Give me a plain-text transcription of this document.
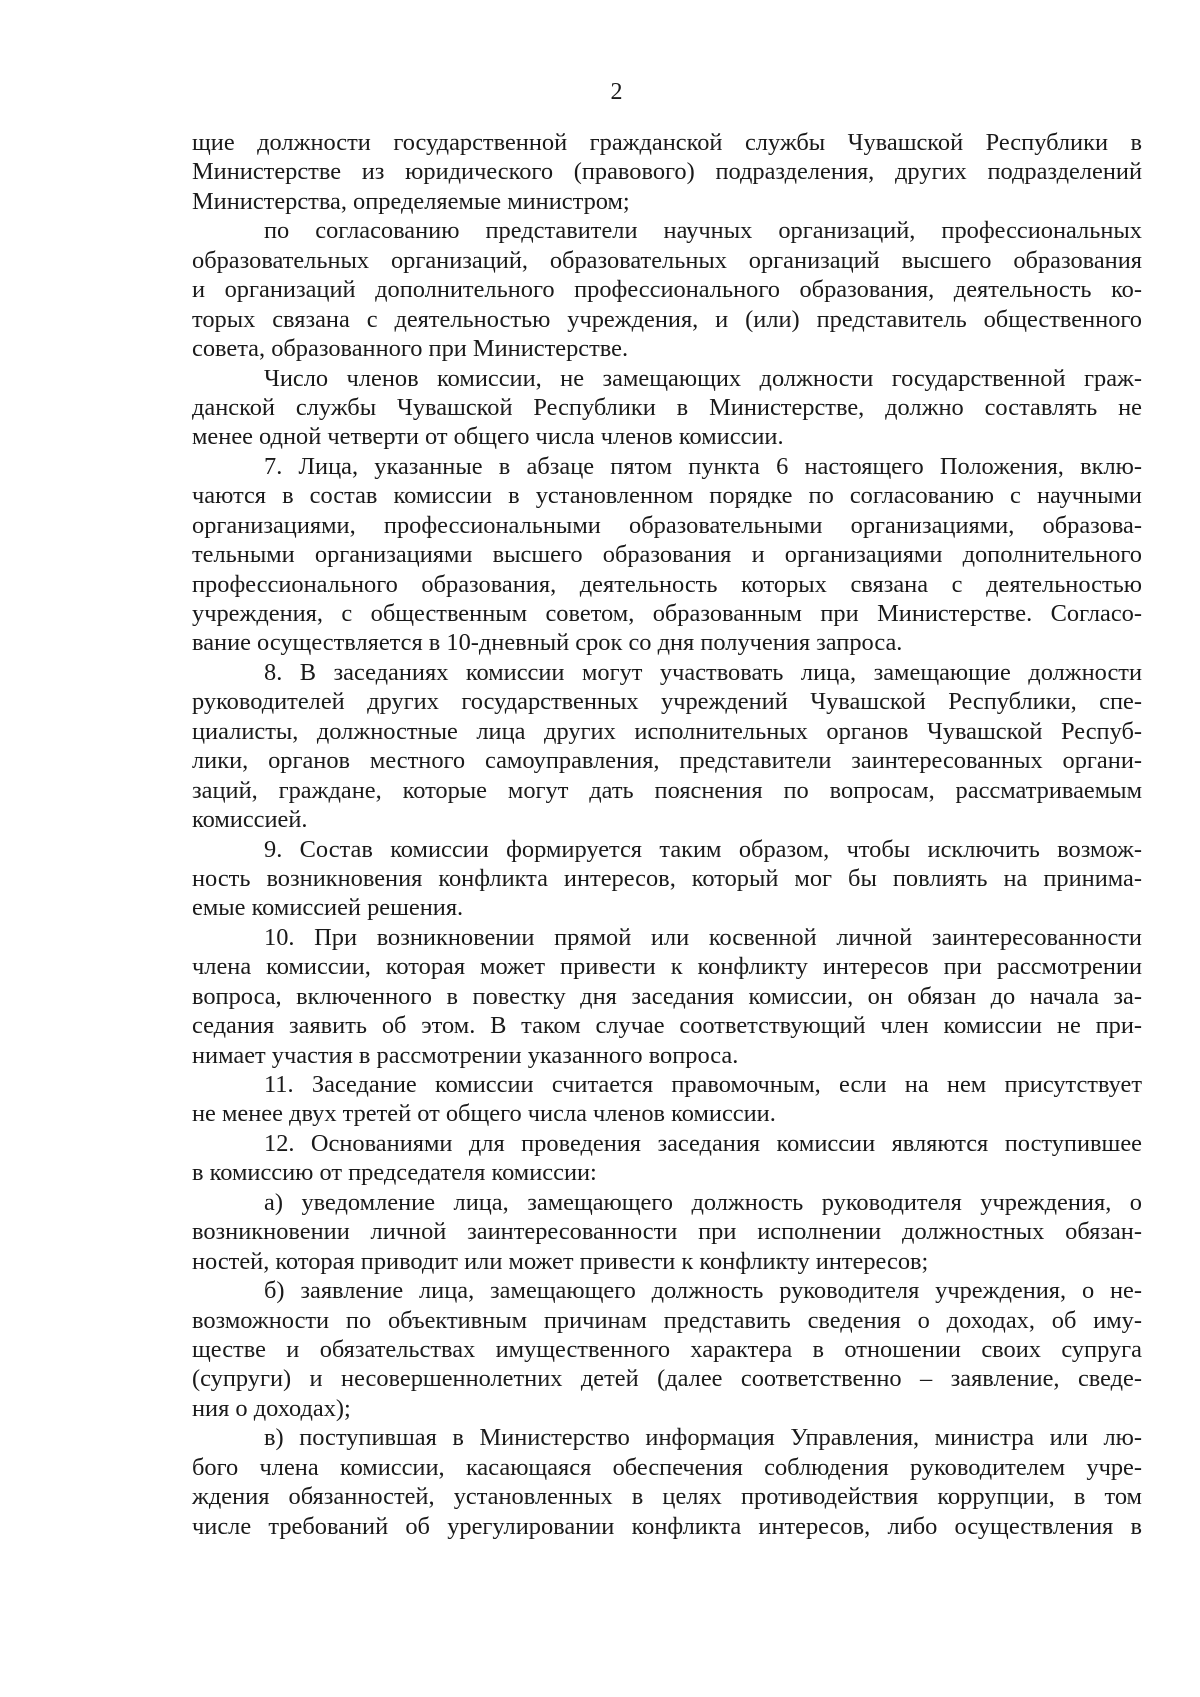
2
щие должности государственной гражданской службы Чувашской Республики в
Министерстве из юридического (правового) подразделения, других подразделений
Министерства, определяемые министром;
по согласованию представители научных организаций, профессиональных
образовательных организаций, образовательных организаций высшего образования
и организаций дополнительного профессионального образования, деятельность ко-
торых связана с деятельностью учреждения, и (или) представитель общественного
совета, образованного при Министерстве.
Число членов комиссии, не замещающих должности государственной граж-
данской службы Чувашской Республики в Министерстве, должно составлять не
менее одной четверти от общего числа членов комиссии.
7. Лица, указанные в абзаце пятом пункта 6 настоящего Положения, вклю-
чаются в состав комиссии в установленном порядке по согласованию с научными
организациями, профессиональными образовательными организациями, образова-
тельными организациями высшего образования и организациями дополнительного
профессионального образования, деятельность которых связана с деятельностью
учреждения, с общественным советом, образованным при Министерстве. Согласо-
вание осуществляется в 10-дневный срок со дня получения запроса.
8. В заседаниях комиссии могут участвовать лица, замещающие должности
руководителей других государственных учреждений Чувашской Республики, спе-
циалисты, должностные лица других исполнительных органов Чувашской Респуб-
лики, органов местного самоуправления, представители заинтересованных органи-
заций, граждане, которые могут дать пояснения по вопросам, рассматриваемым
комиссией.
9. Состав комиссии формируется таким образом, чтобы исключить возмож-
ность возникновения конфликта интересов, который мог бы повлиять на принима-
емые комиссией решения.
10. При возникновении прямой или косвенной личной заинтересованности
члена комиссии, которая может привести к конфликту интересов при рассмотрении
вопроса, включенного в повестку дня заседания комиссии, он обязан до начала за-
седания заявить об этом. В таком случае соответствующий член комиссии не при-
нимает участия в рассмотрении указанного вопроса.
11. Заседание комиссии считается правомочным, если на нем присутствует
не менее двух третей от общего числа членов комиссии.
12. Основаниями для проведения заседания комиссии являются поступившее
в комиссию от председателя комиссии:
а) уведомление лица, замещающего должность руководителя учреждения, о
возникновении личной заинтересованности при исполнении должностных обязан-
ностей, которая приводит или может привести к конфликту интересов;
б) заявление лица, замещающего должность руководителя учреждения, о не-
возможности по объективным причинам представить сведения о доходах, об иму-
ществе и обязательствах имущественного характера в отношении своих супруга
(супруги) и несовершеннолетних детей (далее соответственно – заявление, сведе-
ния о доходах);
в) поступившая в Министерство информация Управления, министра или лю-
бого члена комиссии, касающаяся обеспечения соблюдения руководителем учре-
ждения обязанностей, установленных в целях противодействия коррупции, в том
числе требований об урегулировании конфликта интересов, либо осуществления в
